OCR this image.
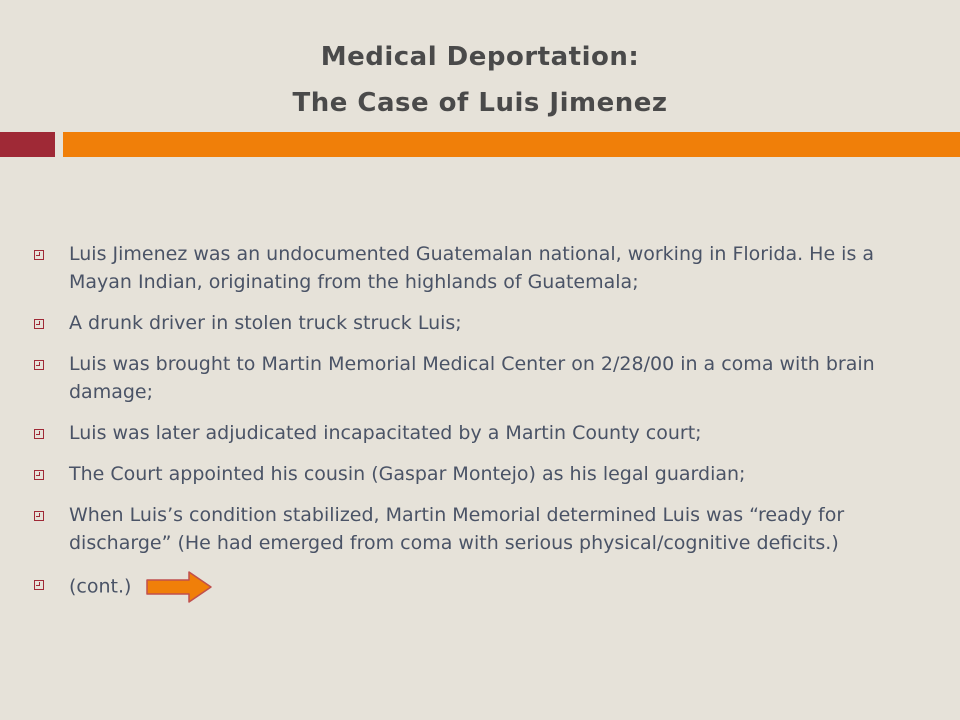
Medical Deportation:
The Case of Luis Jimenez
Luis Jimenez was an undocumented Guatemalan national, working in Florida. He is a Mayan Indian, originating from the highlands of Guatemala;
A drunk driver in stolen truck struck Luis;
Luis was brought to Martin Memorial Medical Center on 2/28/00 in a coma with brain damage;
Luis was later adjudicated incapacitated by a Martin County court;
The Court appointed his cousin (Gaspar Montejo) as his legal guardian;
When Luis’s condition stabilized, Martin Memorial determined Luis was “ready for discharge” (He had emerged from coma with serious physical/cognitive deficits.)
(cont.)
